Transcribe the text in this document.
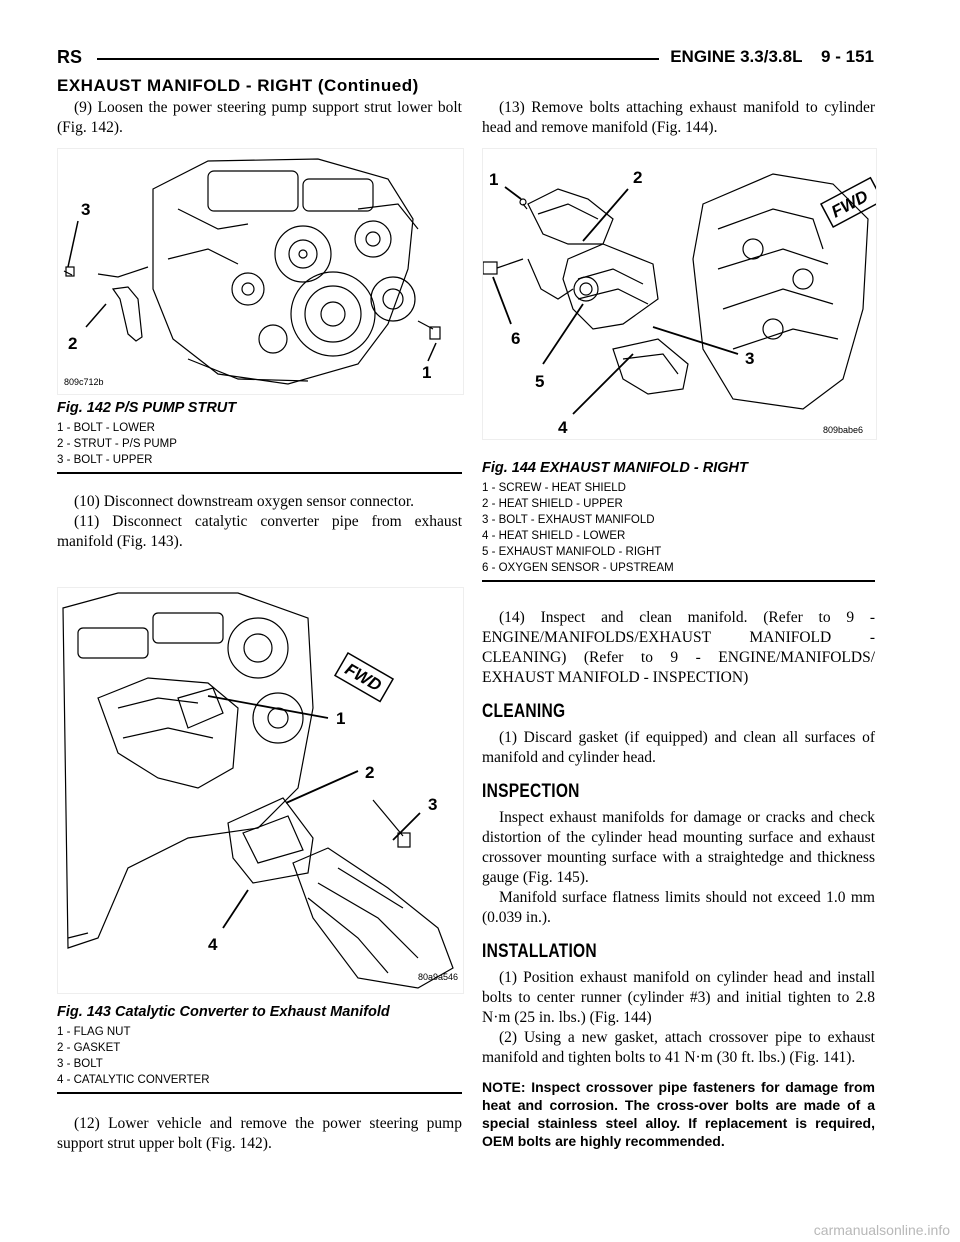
RS	ENGINE 3.3/3.8L    9 - 151
EXHAUST MANIFOLD - RIGHT (Continued)

(9) Loosen the power steering pump support strut lower bolt (Fig. 142).

3
2
1
809c712b
Fig. 142 P/S PUMP STRUT
1 - BOLT - LOWER
2 - STRUT - P/S PUMP
3 - BOLT - UPPER

(10) Disconnect downstream oxygen sensor connector.

(11) Disconnect catalytic converter pipe from exhaust manifold (Fig. 143).

FWD
1
2
3
4
80a9a546
Fig. 143 Catalytic Converter to Exhaust Manifold
1 - FLAG NUT
2 - GASKET
3 - BOLT
4 - CATALYTIC CONVERTER

(12) Lower vehicle and remove the power steering pump support strut upper bolt (Fig. 142).

(13) Remove bolts attaching exhaust manifold to cylinder head and remove manifold (Fig. 144).

FWD
1	2
6
3
5
4	809babe6
Fig. 144 EXHAUST MANIFOLD - RIGHT
1 - SCREW - HEAT SHIELD
2 - HEAT SHIELD - UPPER
3 - BOLT - EXHAUST MANIFOLD
4 - HEAT SHIELD - LOWER
5 - EXHAUST MANIFOLD - RIGHT
6 - OXYGEN SENSOR - UPSTREAM

(14) Inspect and clean manifold. (Refer to 9 - ENGINE/MANIFOLDS/EXHAUST MANIFOLD - CLEANING) (Refer to 9 - ENGINE/MANIFOLDS/ EXHAUST MANIFOLD - INSPECTION)

CLEANING

(1) Discard gasket (if equipped) and clean all surfaces of manifold and cylinder head.

INSPECTION

Inspect exhaust manifolds for damage or cracks and check distortion of the cylinder head mounting surface and exhaust crossover mounting surface with a straightedge and thickness gauge (Fig. 145).

Manifold surface flatness limits should not exceed 1.0 mm (0.039 in.).

INSTALLATION

(1) Position exhaust manifold on cylinder head and install bolts to center runner (cylinder #3) and initial tighten to 2.8 N·m (25 in. lbs.) (Fig. 144)

(2) Using a new gasket, attach crossover pipe to exhaust manifold and tighten bolts to 41 N·m (30 ft. lbs.) (Fig. 141).

NOTE: Inspect crossover pipe fasteners for damage from heat and corrosion. The cross-over bolts are made of a special stainless steel alloy. If replacement is required, OEM bolts are highly recommended.
carmanualsonline.info
